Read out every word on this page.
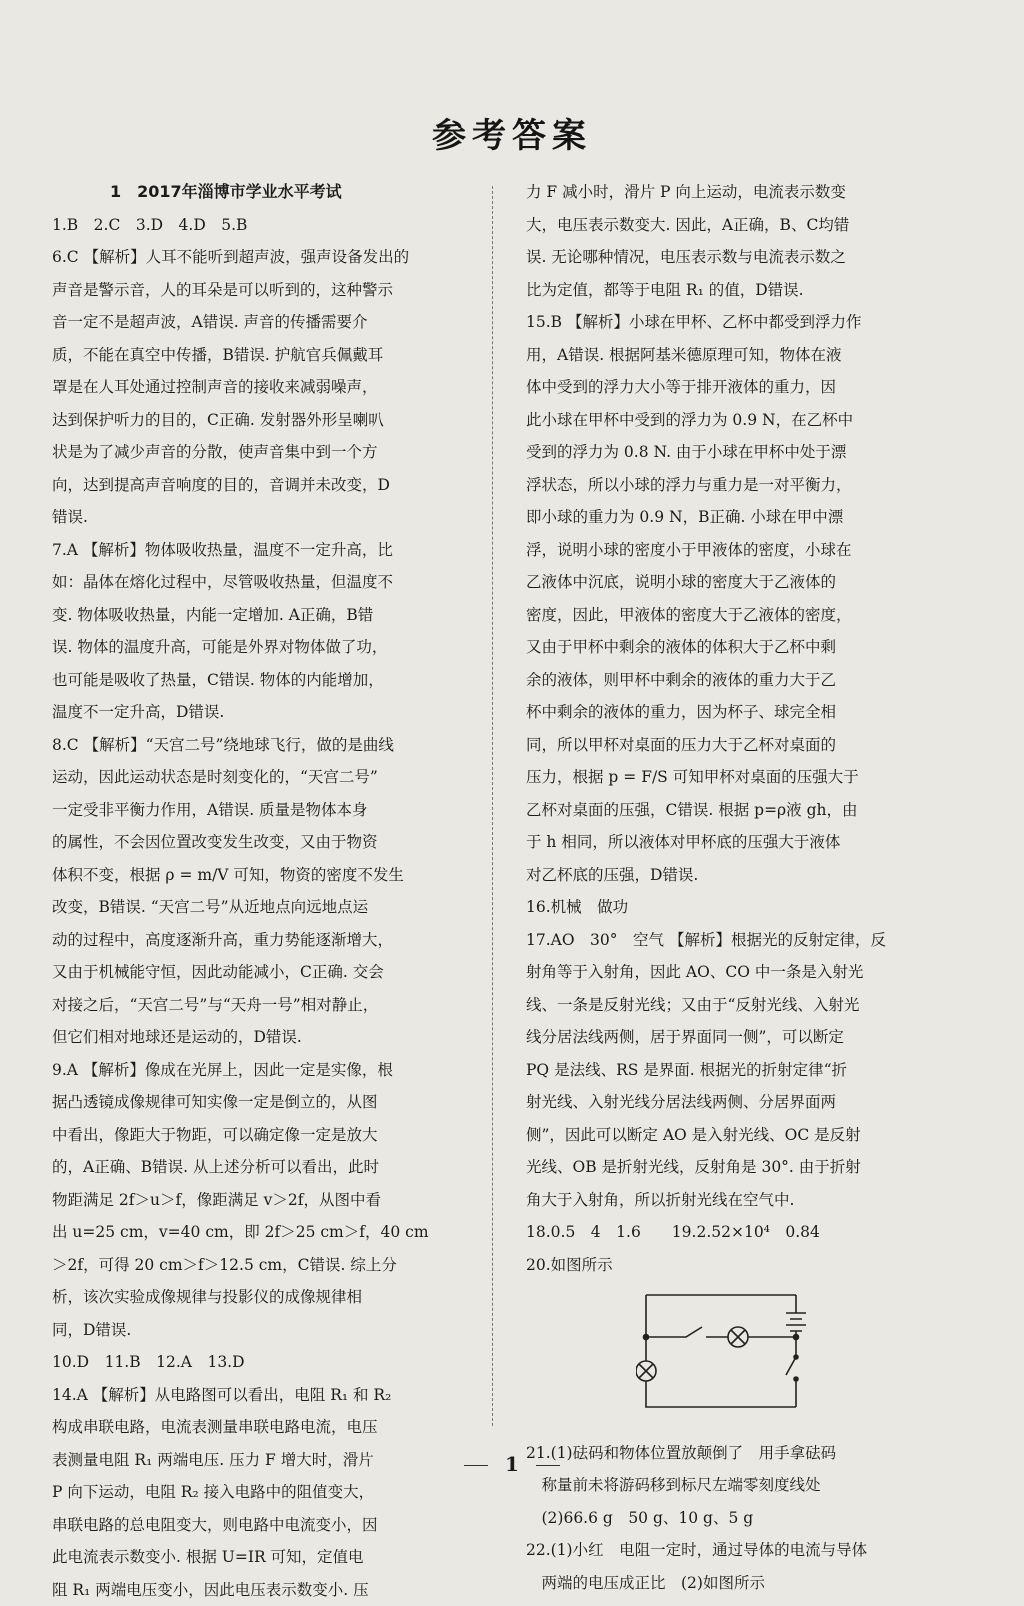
参考答案
1　2017年淄博市学业水平考试
1.B　2.C　3.D　4.D　5.B
6.C 【解析】人耳不能听到超声波，强声设备发出的
声音是警示音，人的耳朵是可以听到的，这种警示
音一定不是超声波，A错误. 声音的传播需要介
质，不能在真空中传播，B错误. 护航官兵佩戴耳
罩是在人耳处通过控制声音的接收来减弱噪声，
达到保护听力的目的，C正确. 发射器外形呈喇叭
状是为了减少声音的分散，使声音集中到一个方
向，达到提高声音响度的目的，音调并未改变，D
错误.
7.A 【解析】物体吸收热量，温度不一定升高，比
如：晶体在熔化过程中，尽管吸收热量，但温度不
变. 物体吸收热量，内能一定增加. A正确，B错
误. 物体的温度升高，可能是外界对物体做了功，
也可能是吸收了热量，C错误. 物体的内能增加，
温度不一定升高，D错误.
8.C 【解析】“天宫二号”绕地球飞行，做的是曲线
运动，因此运动状态是时刻变化的，“天宫二号”
一定受非平衡力作用，A错误. 质量是物体本身
的属性，不会因位置改变发生改变，又由于物资
体积不变，根据 ρ = m/V 可知，物资的密度不发生
改变，B错误. “天宫二号”从近地点向远地点运
动的过程中，高度逐渐升高，重力势能逐渐增大，
又由于机械能守恒，因此动能减小，C正确. 交会
对接之后，“天宫二号”与“天舟一号”相对静止，
但它们相对地球还是运动的，D错误.
9.A 【解析】像成在光屏上，因此一定是实像，根
据凸透镜成像规律可知实像一定是倒立的，从图
中看出，像距大于物距，可以确定像一定是放大
的，A正确、B错误. 从上述分析可以看出，此时
物距满足 2f＞u＞f，像距满足 v＞2f，从图中看
出 u=25 cm，v=40 cm，即 2f＞25 cm＞f，40 cm
＞2f，可得 20 cm＞f＞12.5 cm，C错误. 综上分
析，该次实验成像规律与投影仪的成像规律相
同，D错误.
10.D　11.B　12.A　13.D
14.A 【解析】从电路图可以看出，电阻 R₁ 和 R₂
构成串联电路，电流表测量串联电路电流，电压
表测量电阻 R₁ 两端电压. 压力 F 增大时，滑片
P 向下运动，电阻 R₂ 接入电路中的阻值变大，
串联电路的总电阻变大，则电路中电流变小，因
此电流表示数变小. 根据 U=IR 可知，定值电
阻 R₁ 两端电压变小，因此电压表示数变小. 压
力 F 减小时，滑片 P 向上运动，电流表示数变
大，电压表示数变大. 因此，A正确，B、C均错
误. 无论哪种情况，电压表示数与电流表示数之
比为定值，都等于电阻 R₁ 的值，D错误.
15.B 【解析】小球在甲杯、乙杯中都受到浮力作
用，A错误. 根据阿基米德原理可知，物体在液
体中受到的浮力大小等于排开液体的重力，因
此小球在甲杯中受到的浮力为 0.9 N，在乙杯中
受到的浮力为 0.8 N. 由于小球在甲杯中处于漂
浮状态，所以小球的浮力与重力是一对平衡力，
即小球的重力为 0.9 N，B正确. 小球在甲中漂
浮，说明小球的密度小于甲液体的密度，小球在
乙液体中沉底，说明小球的密度大于乙液体的
密度，因此，甲液体的密度大于乙液体的密度，
又由于甲杯中剩余的液体的体积大于乙杯中剩
余的液体，则甲杯中剩余的液体的重力大于乙
杯中剩余的液体的重力，因为杯子、球完全相
同，所以甲杯对桌面的压力大于乙杯对桌面的
压力，根据 p = F/S 可知甲杯对桌面的压强大于
乙杯对桌面的压强，C错误. 根据 p=ρ液 gh，由
于 h 相同，所以液体对甲杯底的压强大于液体
对乙杯底的压强，D错误.
16.机械　做功
17.AO　30°　空气 【解析】根据光的反射定律，反
射角等于入射角，因此 AO、CO 中一条是入射光
线、一条是反射光线；又由于“反射光线、入射光
线分居法线两侧，居于界面同一侧”，可以断定
PQ 是法线、RS 是界面. 根据光的折射定律“折
射光线、入射光线分居法线两侧、分居界面两
侧”，因此可以断定 AO 是入射光线、OC 是反射
光线、OB 是折射光线，反射角是 30°. 由于折射
角大于入射角，所以折射光线在空气中.
18.0.5　4　1.6　　19.2.52×10⁴　0.84
20.如图所示
21.(1)砝码和物体位置放颠倒了　用手拿砝码
　称量前未将游码移到标尺左端零刻度线处
　(2)66.6 g　50 g、10 g、5 g
22.(1)小红　电阻一定时，通过导体的电流与导体
　两端的电压成正比　(2)如图所示
1
